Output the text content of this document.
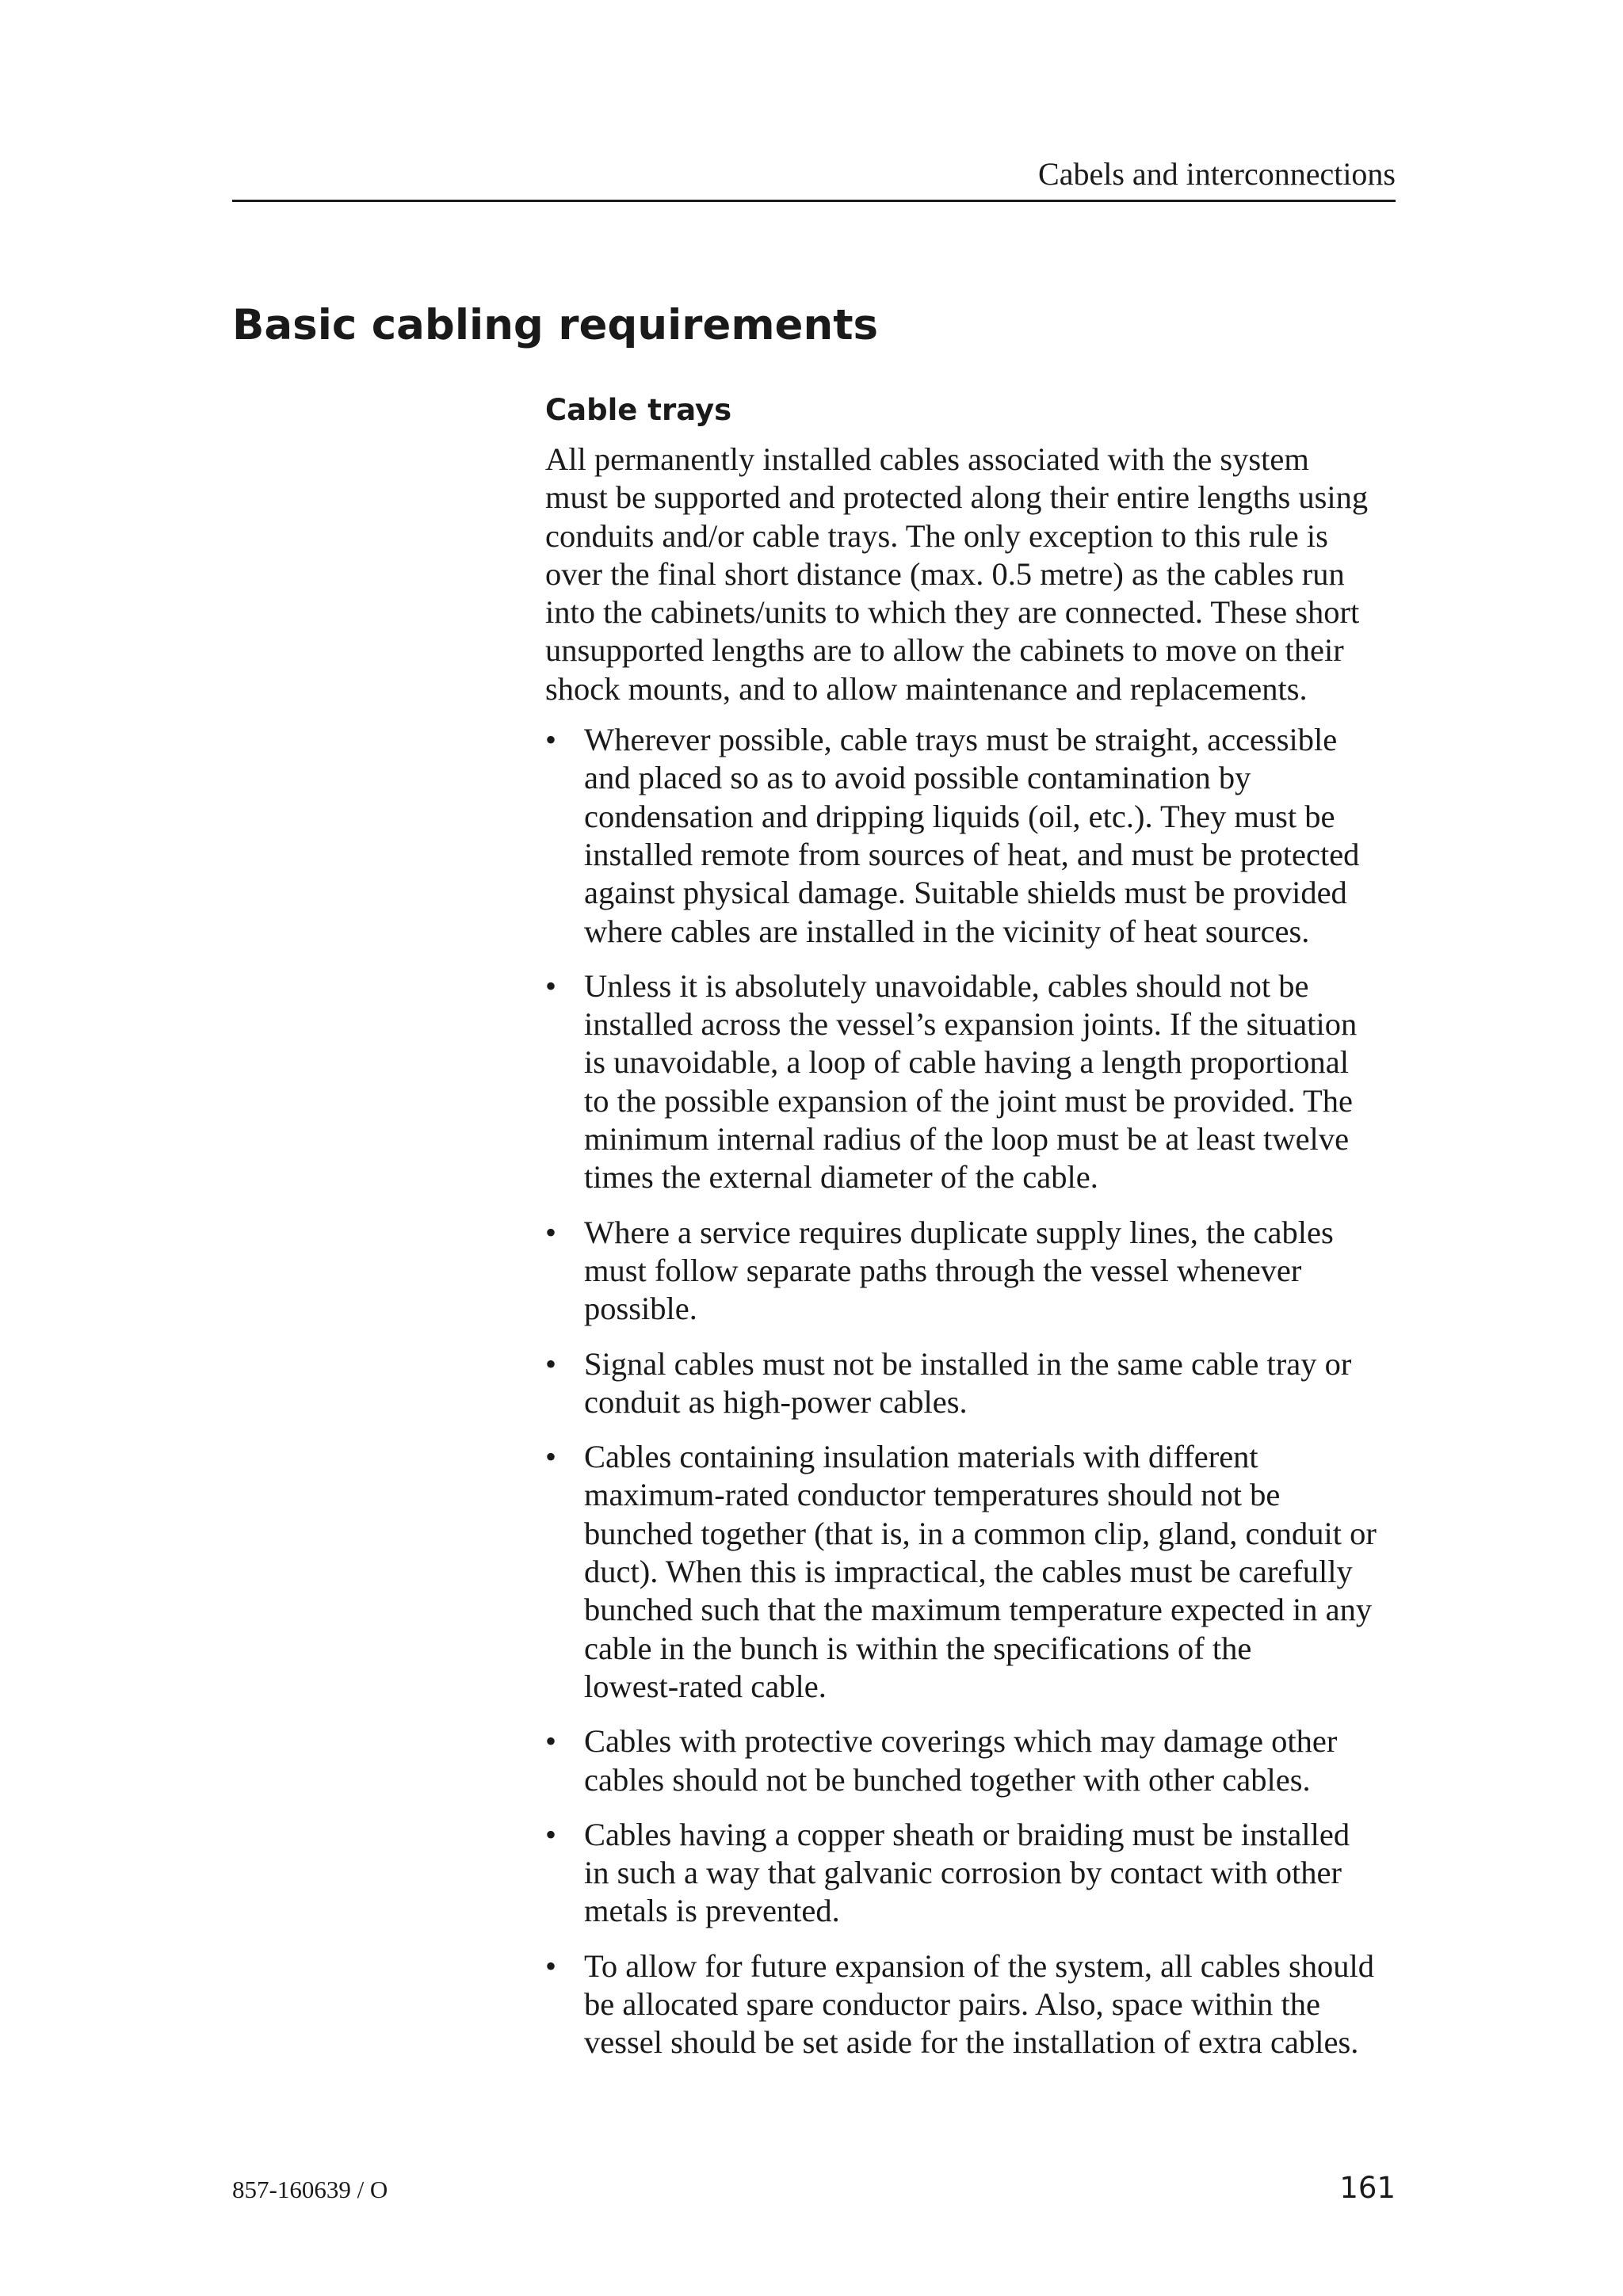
Cabels and interconnections
Basic cabling requirements
Cable trays

All permanently installed cables associated with the system
must be supported and protected along their entire lengths using
conduits and/or cable trays. The only exception to this rule is
over the final short distance (max. 0.5 metre) as the cables run
into the cabinets/units to which they are connected. These short
unsupported lengths are to allow the cabinets to move on their
shock mounts, and to allow maintenance and replacements.

• Wherever possible, cable trays must be straight, accessible
and placed so as to avoid possible contamination by
condensation and dripping liquids (oil, etc.). They must be
installed remote from sources of heat, and must be protected
against physical damage. Suitable shields must be provided
where cables are installed in the vicinity of heat sources.
• Unless it is absolutely unavoidable, cables should not be
installed across the vessel’s expansion joints. If the situation
is unavoidable, a loop of cable having a length proportional
to the possible expansion of the joint must be provided. The
minimum internal radius of the loop must be at least twelve
times the external diameter of the cable.
• Where a service requires duplicate supply lines, the cables
must follow separate paths through the vessel whenever
possible.
• Signal cables must not be installed in the same cable tray or
conduit as high-power cables.
• Cables containing insulation materials with different
maximum-rated conductor temperatures should not be
bunched together (that is, in a common clip, gland, conduit or
duct). When this is impractical, the cables must be carefully
bunched such that the maximum temperature expected in any
cable in the bunch is within the specifications of the
lowest-rated cable.
• Cables with protective coverings which may damage other
cables should not be bunched together with other cables.
• Cables having a copper sheath or braiding must be installed
in such a way that galvanic corrosion by contact with other
metals is prevented.
• To allow for future expansion of the system, all cables should
be allocated spare conductor pairs. Also, space within the
vessel should be set aside for the installation of extra cables.
857-160639 / O	161
